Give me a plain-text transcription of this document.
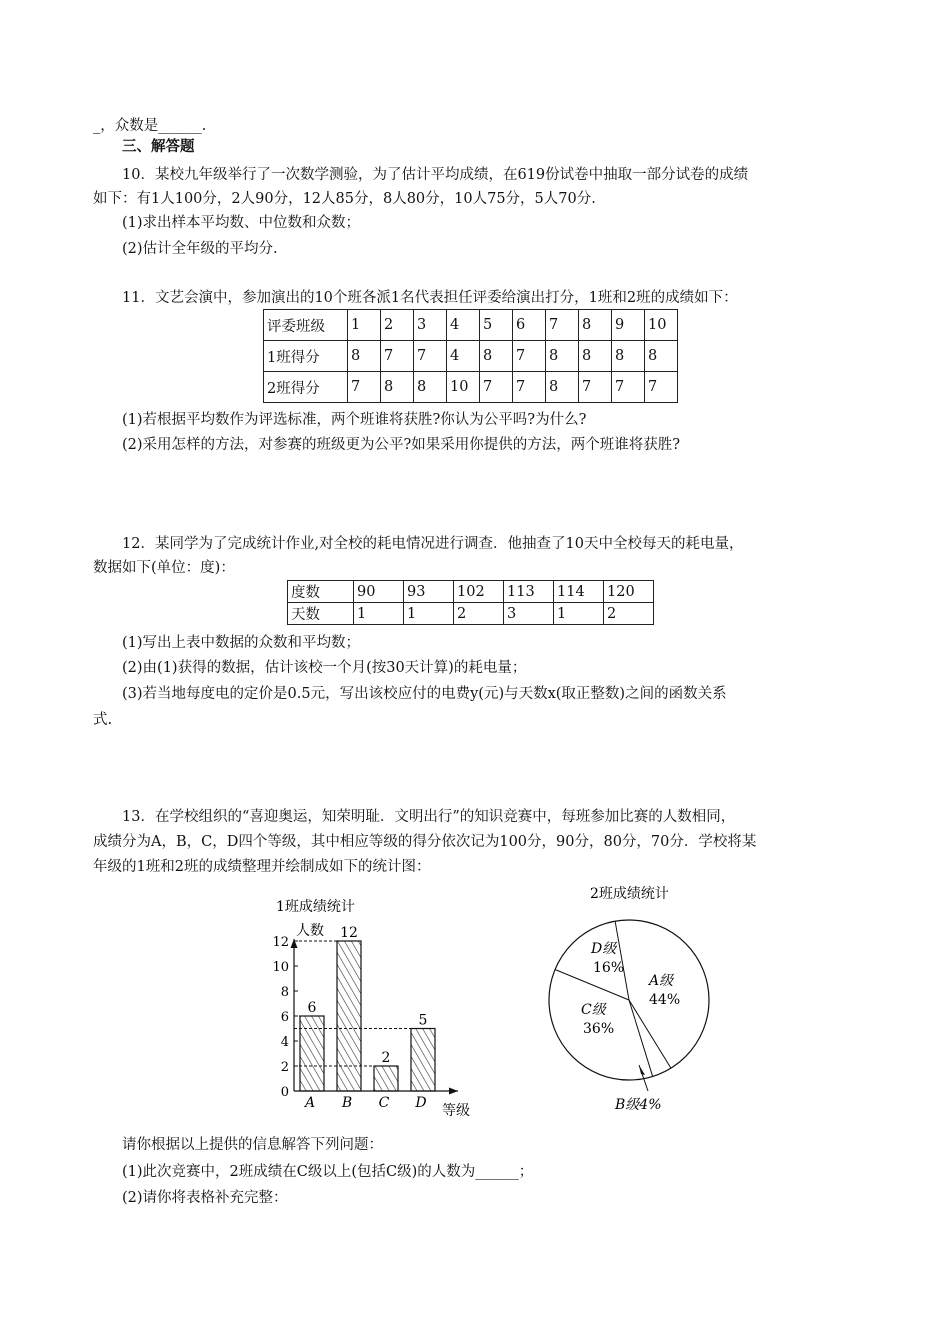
_，众数是______.
三、解答题
10．某校九年级举行了一次数学测验，为了估计平均成绩，在619份试卷中抽取一部分试卷的成绩
如下：有1人100分，2人90分，12人85分，8人80分，10人75分，5人70分.
(1)求出样本平均数、中位数和众数；
(2)估计全年级的平均分.
11．文艺会演中，参加演出的10个班各派1名代表担任评委给演出打分，1班和2班的成绩如下：
评委班级	1	2	3	4	5	6	7	8	9	10
1班得分	8	7	7	4	8	7	8	8	8	8
2班得分	7	8	8	10	7	7	8	7	7	7
(1)若根据平均数作为评选标准，两个班谁将获胜?你认为公平吗?为什么?
(2)采用怎样的方法，对参赛的班级更为公平?如果采用你提供的方法，两个班谁将获胜?
12．某同学为了完成统计作业,对全校的耗电情况进行调查．他抽查了10天中全校每天的耗电量，
数据如下(单位：度)：
度数	90	93	102	113	114	120
天数	1	1	2	3	1	2
(1)写出上表中数据的众数和平均数；
(2)由(1)获得的数据，估计该校一个月(按30天计算)的耗电量；
(3)若当地每度电的定价是0.5元，写出该校应付的电费y(元)与天数x(取正整数)之间的函数关系
式.
13．在学校组织的“喜迎奥运，知荣明耻．文明出行”的知识竞赛中，每班参加比赛的人数相同，
成绩分为A，B，C，D四个等级，其中相应等级的得分依次记为100分，90分，80分，70分．学校将某
年级的1班和2班的成绩整理并绘制成如下的统计图：
1班成绩统计
人数
等级
0
2
4
6
8
10
12
6
A
12
B
2
C
5
D
2班成绩统计
D级
16%
A级
44%
C级
36%
B级4%
请你根据以上提供的信息解答下列问题：
(1)此次竞赛中，2班成绩在C级以上(包括C级)的人数为______；
(2)请你将表格补充完整：
